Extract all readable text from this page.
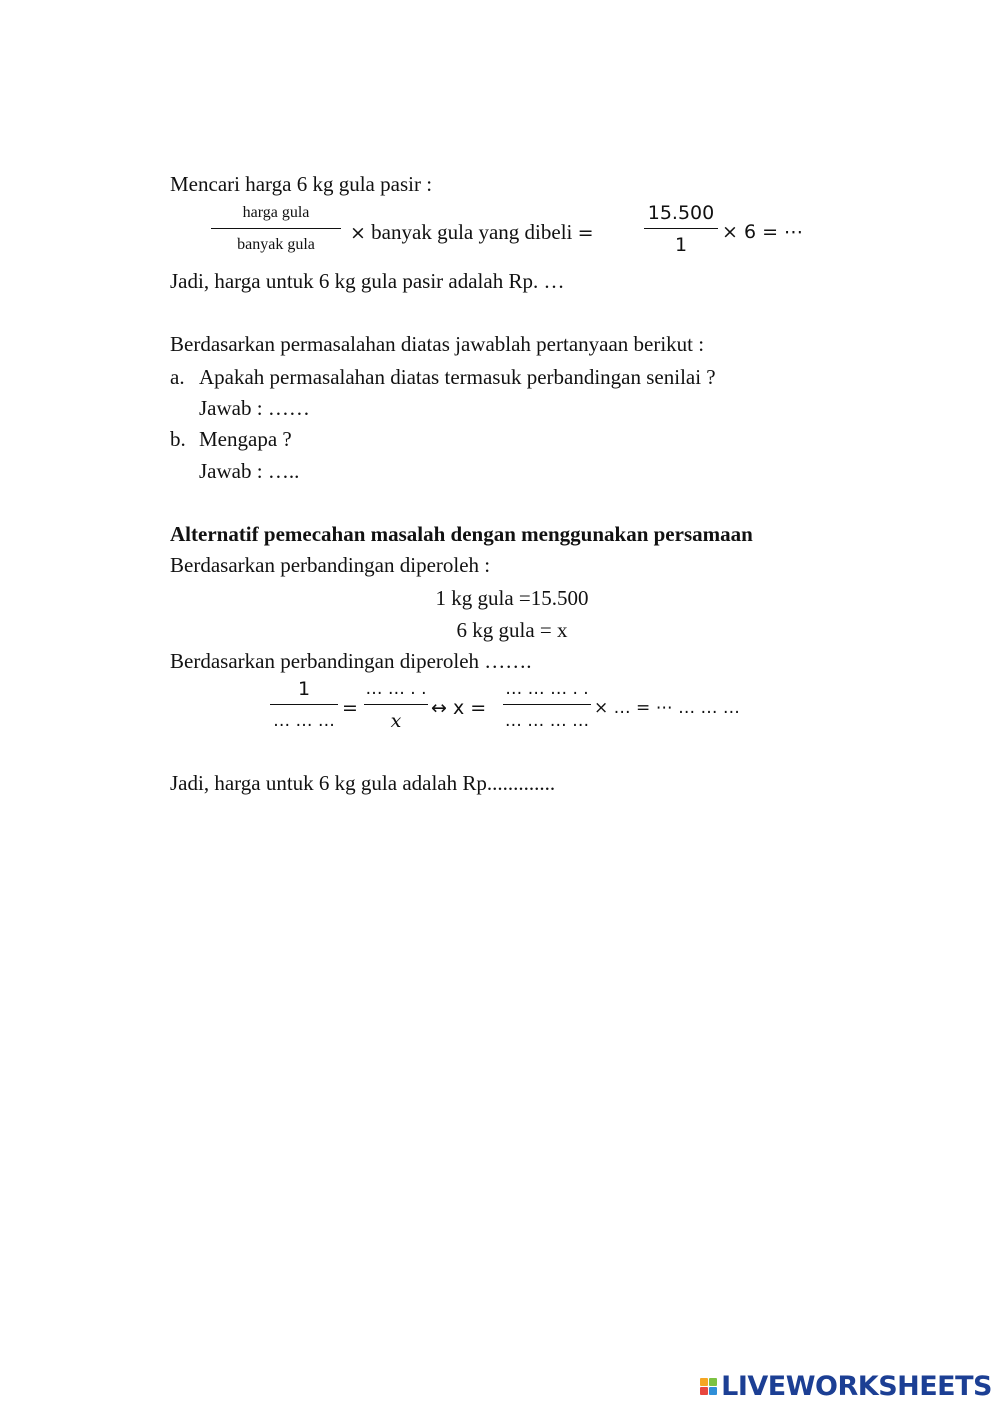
Mencari harga 6 kg gula pasir :
harga gula
banyak gula
× banyak gula yang dibeli =
15.500
1
× 6 = ⋯
Jadi, harga untuk 6 kg gula pasir adalah Rp. …
Berdasarkan permasalahan diatas jawablah pertanyaan berikut :
a. Apakah permasalahan diatas termasuk perbandingan senilai ?
Jawab : ……
b. Mengapa ?
Jawab : …..
Alternatif pemecahan masalah dengan menggunakan persamaan
Berdasarkan perbandingan diperoleh :
1 kg gula =15.500
6 kg gula = x
Berdasarkan perbandingan diperoleh …….
1
… … …
=
… … . .
x
↔ x =
… … … . .
… … … …
× … = ⋯ … … …
Jadi, harga untuk 6 kg gula adalah Rp.............
LIVEWORKSHEETS
